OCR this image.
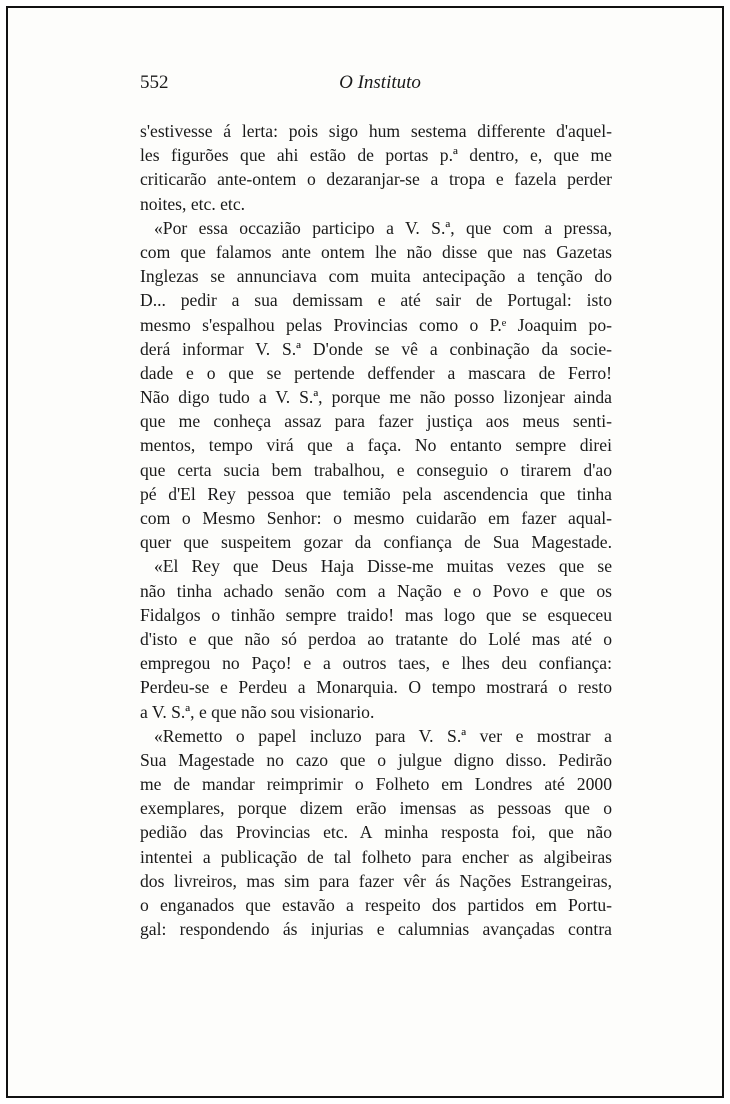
552	O Instituto
s'estivesse á lerta: pois sigo hum sestema differente d'aquel-
les figurões que ahi estão de portas p.ª dentro, e, que me
criticarão ante-ontem o dezaranjar-se a tropa e fazela perder
noites, etc. etc.
«Por essa occazião participo a V. S.ª, que com a pressa,
com que falamos ante ontem lhe não disse que nas Gazetas
Inglezas se annunciava com muita antecipação a tenção do
D... pedir a sua demissam e até sair de Portugal: isto
mesmo s'espalhou pelas Provincias como o P.ᵉ Joaquim po-
derá informar V. S.ª D'onde se vê a conbinação da socie-
dade e o que se pertende deffender a mascara de Ferro!
Não digo tudo a V. S.ª, porque me não posso lizonjear ainda
que me conheça assaz para fazer justiça aos meus senti-
mentos, tempo virá que a faça. No entanto sempre direi
que certa sucia bem trabalhou, e conseguio o tirarem d'ao
pé d'El Rey pessoa que temião pela ascendencia que tinha
com o Mesmo Senhor: o mesmo cuidarão em fazer aqual-
quer que suspeitem gozar da confiança de Sua Magestade.
«El Rey que Deus Haja Disse-me muitas vezes que se
não tinha achado senão com a Nação e o Povo e que os
Fidalgos o tinhão sempre traido! mas logo que se esqueceu
d'isto e que não só perdoa ao tratante do Lolé mas até o
empregou no Paço! e a outros taes, e lhes deu confiança:
Perdeu-se e Perdeu a Monarquia. O tempo mostrará o resto
a V. S.ª, e que não sou visionario.
«Remetto o papel incluzo para V. S.ª ver e mostrar a
Sua Magestade no cazo que o julgue digno disso. Pedirão
me de mandar reimprimir o Folheto em Londres até 2000
exemplares, porque dizem erão imensas as pessoas que o
pedião das Provincias etc. A minha resposta foi, que não
intentei a publicação de tal folheto para encher as algibeiras
dos livreiros, mas sim para fazer vêr ás Nações Estrangeiras,
o enganados que estavão a respeito dos partidos em Portu-
gal: respondendo ás injurias e calumnias avançadas contra
